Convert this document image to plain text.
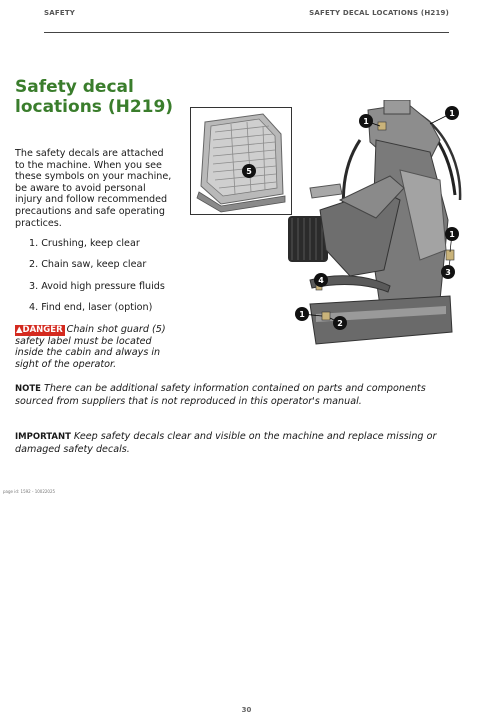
SAFETY	SAFETY DECAL LOCATIONS (H219)
Safety decal locations (H219)

The safety decals are attached to the machine. When you see these symbols on your machine, be aware to avoid personal injury and follow recommended precautions and safe operating practices.

1. Crushing, keep clear
2. Chain saw, keep clear
3. Avoid high pressure fluids
4. Find end, laser (option)
▲DANGER Chain shot guard (5) safety label must be located inside the cabin and always in sight of the operator.
NOTE There can be additional safety information contained on parts and components sourced from suppliers that is not reproduced in this operator's manual.
IMPORTANT Keep safety decals clear and visible on the machine and replace missing or damaged safety decals.
page id: 1592 - 10022025
30
5
1
1
1
3
4
1
2
